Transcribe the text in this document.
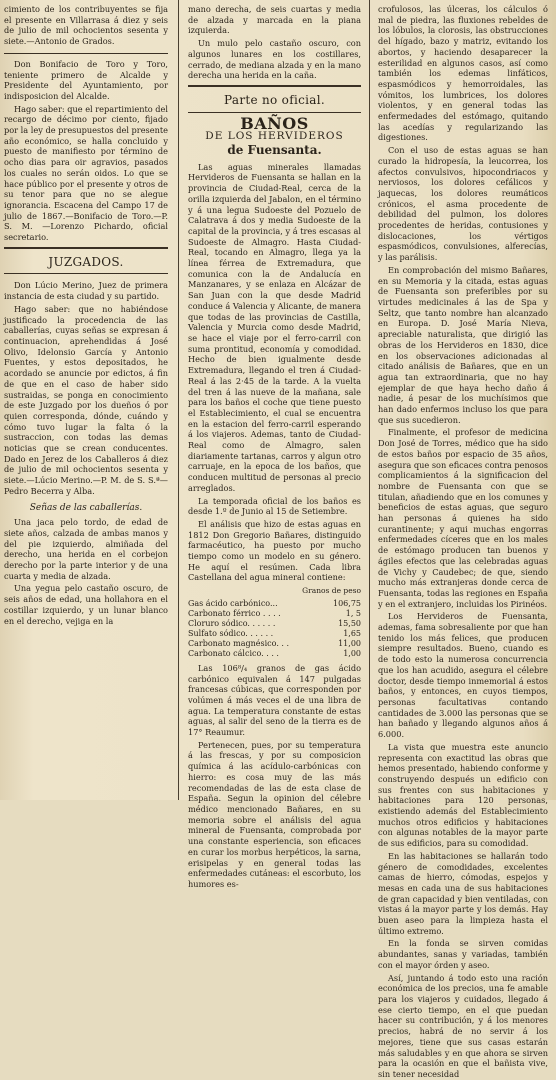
cimiento de los contribuyentes se fija el presente en Villarrasa á diez y seis de julio de mil ochocientos sesenta y siete.—Antonio de Grados.

Don Bonifacio de Toro y Toro, teniente primero de Alcalde y Presidente del Ayuntamiento, por indisposicion del Alcalde.

Hago saber: que el repartimiento del recargo de décimo por ciento, fijado por la ley de presupuestos del presente año económico, se halla concluido y puesto de manifiesto por término de ocho dias para oir agravios, pasados los cuales no serán oidos. Lo que se hace público por el presente y otros de su tenor para que no se alegue ignorancia. Escacena del Campo 17 de julio de 1867.—Bonifacio de Toro.—P. S. M. —Lorenzo Pichardo, oficial secretario.

JUZGADOS.

Don Lúcio Merino, Juez de primera instancia de esta ciudad y su partido.

Hago saber: que no habiéndose justificado la procedencia de las caballerías, cuyas señas se expresan á continuacion, aprehendidas á José Olivo, Idelonsio García y Antonio Fuentes, y estos depositados, he acordado se anuncie por edictos, á fin de que en el caso de haber sido sustraidas, se ponga en conocimiento de este Juzgado por los dueños ó por quien corresponda, dónde, cuándo y cómo tuvo lugar la falta ó la sustraccion, con todas las demas noticias que se crean conducentes. Dado en Jerez de los Caballeros á diez de julio de mil ochocientos sesenta y siete.—Lúcio Merino.—P. M. de S. S.ª—Pedro Becerra y Alba.

Señas de las caballerías.

Una jaca pelo tordo, de edad de siete años, calzada de ambas manos y del pie izquierdo, almiñada del derecho, una herida en el corbejon derecho por la parte interior y de una cuarta y media de alzada.

Una yegua pelo castaño oscuro, de seis años de edad, una hollahora en el costillar izquierdo, y un lunar blanco en el derecho, vejiga en la

mano derecha, de seis cuartas y media de alzada y marcada en la piana izquierda.

Un mulo pelo castaño oscuro, con algunos lunares en los costillares, cerrado, de mediana alzada y en la mano derecha una herida en la caña.

Parte no oficial.
BAÑOS
DE LOS HERVIDEROS
de Fuensanta.

Las aguas minerales llamadas Hervideros de Fuensanta se hallan en la provincia de Ciudad-Real, cerca de la orilla izquierda del Jabalon, en el término y á una legua Sudoeste del Pozuelo de Calatrava á dos y media Sudoeste de la capital de la provincia, y á tres escasas al Sudoeste de Almagro. Hasta Ciudad-Real, tocando en Almagro, llega ya la línea férrea de Extremadura, que comunica con la de Andalucía en Manzanares, y se enlaza en Alcázar de San Juan con la que desde Madrid conduce á Valencia y Alicante, de manera que todas de las provincias de Castilla, Valencia y Murcia como desde Madrid, se hace el viaje por el ferro-carril con suma prontitud, economía y comodidad. Hecho de bien igualmente desde Extremadura, llegando el tren á Ciudad-Real á las 2·45 de la tarde. A la vuelta del tren á las nueve de la mañana, sale para los baños el coche que tiene puesto el Establecimiento, el cual se encuentra en la estacion del ferro-carril esperando á los viajeros. Ademas, tanto de Ciudad-Real como de Almagro, salen diariamente tartanas, carros y algun otro carruaje, en la epoca de los baños, que conducen multitud de personas al precio arreglados.

La temporada oficial de los baños es desde 1.º de Junio al 15 de Setiembre.

El análisis que hizo de estas aguas en 1812 Don Gregorio Bañares, distinguido farmacéutico, ha puesto por mucho tiempo como un modelo en su género. He aquí el resúmen. Cada libra Castellana del agua mineral contiene:

Granos de peso
Gas ácido carbónico...	106,75
Carbonato férrico . . . .	1, 5
Cloruro sódico. . . . . .	15,50
Sulfato sódico. . . . . .	1,65
Carbonato magnésico. . .	11,00
Carbonato cálcico. . . .	1,00

Las 106⁸/₄ granos de gas ácido carbónico equivalen á 147 pulgadas francesas cúbicas, que corresponden por volúmen á más veces el de una libra de agua. La temperatura constante de estas aguas, al salir del seno de la tierra es de 17° Reaumur.

Pertenecen, pues, por su temperatura á las frescas, y por su composicion química á las acídulo-carbónicas con hierro: es cosa muy de las más recomendadas de las de esta clase de España. Segun la opinion del célebre médico mencionado Bañares, en su memoria sobre el análisis del agua mineral de Fuensanta, comprobada por una constante esperiencia, son eficaces en curar los morbus herpéticos, la sarna, erisipelas y en general todas las enfermedades cutáneas: el escorbuto, los humores es-

crofulosos, las úlceras, los cálculos ó mal de piedra, las fluxiones rebeldes de los lóbulos, la clorosis, las obstrucciones del hígado, bazo y matriz, evitando los abortos, y haciendo desaparecer la esterilidad en algunos casos, así como también los edemas linfáticos, espasmódicos y hemorroidales, las vómitos, los lumbrices, los dolores violentos, y en general todas las enfermedades del estómago, quitando las acedías y regularizando las digestiones.

Con el uso de estas aguas se han curado la hidropesía, la leucorrea, los afectos convulsivos, hipocondriacos y nerviosos, los dolores cefálicos y jaquecas, los dolores reumáticos crónicos, el asma procedente de debilidad del pulmon, los dolores procedentes de heridas, contusiones y dislocaciones, los vértigos espasmódicos, convulsiones, alferecías, y las parálisis.

En comprobación del mismo Bañares, en su Memoria y la citada, estas aguas de Fuensanta son preferibles por su virtudes medicinales á las de Spa y Seltz, que tanto nombre han alcanzado en Europa. D. José María Nieva, apreciable naturalista, que dirigió las obras de los Hervideros en 1830, dice en los observaciones adicionadas al citado análisis de Bañares, que en un agua tan extraordinaria, que no hay ejemplar de que haya hecho daño á nadie, á pesar de los muchísimos que han dado enfermos incluso los que para que sus sucedieron.

Finalmente, el profesor de medicina Don José de Torres, médico que ha sido de estos baños por espacio de 35 años, asegura que son eficaces contra penosos complicamientos á la significacion del nombre de Fuensanta con que se titulan, añadiendo que en los comunes y beneficios de estas aguas, que seguro han personas á quienes ha sido curantinente; y aqui muchas engorras enfermedades cíceres que en los males de estómago producen tan buenos y ágiles efectos que las celebradas aguas de Vichy y Caudebec; de que, siendo mucho más extranjeras donde cerca de Fuensanta, todas las regiones en España y en el extranjero, incluidas los Pirinéos.

Los Hervideros de Fuensanta, ademas, fama sobresaliente por que han tenido los más felices, que producen siempre resultados. Bueno, cuando es de todo esto la numerosa concurrencia que los han acudido, asegura el célebre doctor, desde tiempo inmemorial á estos baños, y entonces, en cuyos tiempos, personas facultativas contando cantidades de 3.000 las personas que se han bañado y llegando algunos años á 6.000.

La vista que muestra este anuncio representa con exactitud las obras que hemos presentado, habiendo conforme y construyendo después un edificio con sus frentes con sus habitaciones y habitaciones para 120 personas, existiendo además del Establecimiento muchos otros edificios y habitaciones con algunas notables de la mayor parte de sus edificios, para su comodidad.

En las habitaciones se hallarán todo género de comodidades, excelentes camas de hierro, cómodas, espejos y mesas en cada una de sus habitaciones de gran capacidad y bien ventiladas, con vistas á la mayor parte y los demás. Hay buen aseo para la limpieza hasta el último extremo.

En la fonda se sirven comidas abundantes, sanas y variadas, también con el mayor órden y aseo.

Así, juntando á todo esto una ración económica de los precios, una fe amable para los viajeros y cuidados, llegado á ese cierto tiempo, en el que puedan hacer su contribución, y á los menores precios, habrá de no servir á los mejores, tiene que sus casas estarán más saludables y en que ahora se sirven para la ocasión en que el bañista vive, sin tener necesidad
